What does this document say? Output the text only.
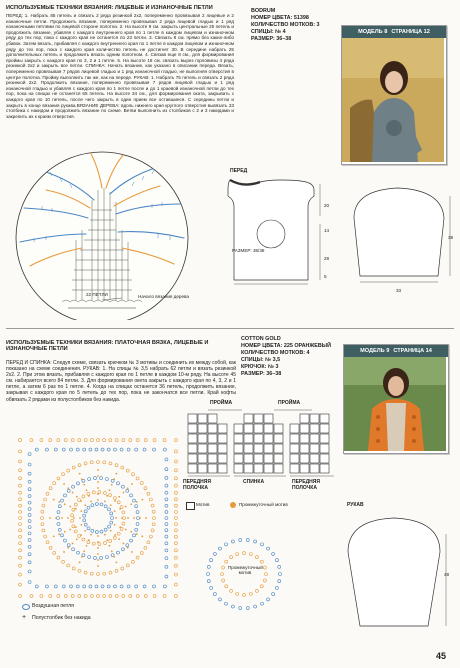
ИСПОЛЬЗУЕМЫЕ ТЕХНИКИ ВЯЗАНИЯ: ЛИЦЕВЫЕ И ИЗНАНОЧНЫЕ ПЕТЛИ
ПЕРЕД: 1. Набрать 85 петель и связать 2 ряда резинкой 2х2, попеременно провязывая 2 лицевые и 2 изнаночные петли. Продолжить вязание, попеременно провязывая 2 ряда лицевой гладью и 1 ряд изнаночными петлями по лицевой стороне полотна. 2. На высоте 9 см. закрыть центральные 25 петель и продолжить вязание, убавляя с каждого внутреннего края по 1 петле в каждом лицевом и изнаночном ряду до тех пор, пока с каждого края не останется по 23 петли. 3. Связать 8 см. прямо без каких-либо убавок. Затем вязать, прибавляя с каждого внутреннего края по 1 петле в каждом лицевом и изнаночном ряду до тех пор, пока с каждого края количество петель не достигнет 30. В середине набрать 25 дополнительных петель и продолжить вязать одним полотном. 4. Связав еще 8 см., для формирования проймы закрыть с каждого края по 3, 2 и 1 петле. 5. На высоте 18 см. связать вырез горловины 4 ряда резинкой 2х2 и закрыть все петли. СПИНКА: Начать вязание, как указано в описании переда. Вязать, попеременно провязывая 7 рядов лицевой гладью и 1 ряд изнаночной гладью, не выполняя отверстия в центре полотна. Пройму выполнить так же, как на переде. РУКАВ: 1. Набрать 75 петель и связать 2 ряда резинкой 2х2. Продолжить вязание, попеременно провязывая 7 рядов лицевой гладью и 1 ряд изнаночной гладью и убавляя с каждого края по 1 петле после и до 1 краевой изнаночной петли до тех пор, пока на спицах не останется 65 петель. На высоте 34 см., для формирования оката, закрывать с каждого края по 10 петель, после чего закрыть в один прием все оставшиеся. С середины петли и закрыть в конце вязания рукава.ВЯЗАНИЕ ДЕРЕВА: вдоль нижнего края круглого отверстия вывязать 33 столбика с накидом и продолжить вязание по схеме. Ветви выполнить из столбиков с 2 и 3 накидами и закрепить их к краям отверстия.
BODRUM
НОМЕР ЦВЕТА: 51398
КОЛИЧЕСТВО МОТКОВ: 3
СПИЦЫ: № 4
РАЗМЕР: 36–38
МОДЕЛЬ 8 СТРАНИЦА 12
22 ПЕТЛИ	Начало вязания дерева
ПЕРЕД
20
14
28
5
РАЗМЕР: 36/38
39
33
ИСПОЛЬЗУЕМЫЕ ТЕХНИКИ ВЯЗАНИЯ: ПЛАТОЧНАЯ ВЯЗКА, ЛИЦЕВЫЕ И ИЗНАНОЧНЫЕ ПЕТЛИ
ПЕРЕД И СПИНКА: Следуя схеме, связать крючком № 3 мотивы и соединить их между собой, как показано на схеме соединения. РУКАВ: 1. На спицы № 3,5 набрать 62 петли и вязать резинкой 2х2. 2. При этом вязать, прибавляя с каждого края по 1 петле в каждом 10-м ряду. На высоте 45 см. набирается всего 84 петли. 3. Для формирования окета закрыть с каждого края по 4, 3, 2 и 1 петле, а затем 6 раз по 1 петле. 4. Когда на спицах останется 36 петель, продолжить вязание, закрывая с каждого края по 5 петель до тех пор, пока не закончатся все петли. Край кофты обвязать 2 рядами из полустолбиков без накида.
COTTON GOLD
НОМЕР ЦВЕТА: 225 ОРАНЖЕВЫЙ
КОЛИЧЕСТВО МОТКОВ: 4
СПИЦЫ: № 3,5
КРЮЧОК: № 3
РАЗМЕР: 36–38
МОДЕЛЬ 9 СТРАНИЦА 14
ПРОЙМА	ПРОЙМА
ПЕРЕДНЯЯ ПОЛОЧКА
СПИНКА	ПЕРЕДНЯЯ ПОЛОЧКА
Мотив	Промежуточный мотив
Промежуточный мотив
РУКАВ
48
Воздушная петля
+ Полустолбик без накида
45
